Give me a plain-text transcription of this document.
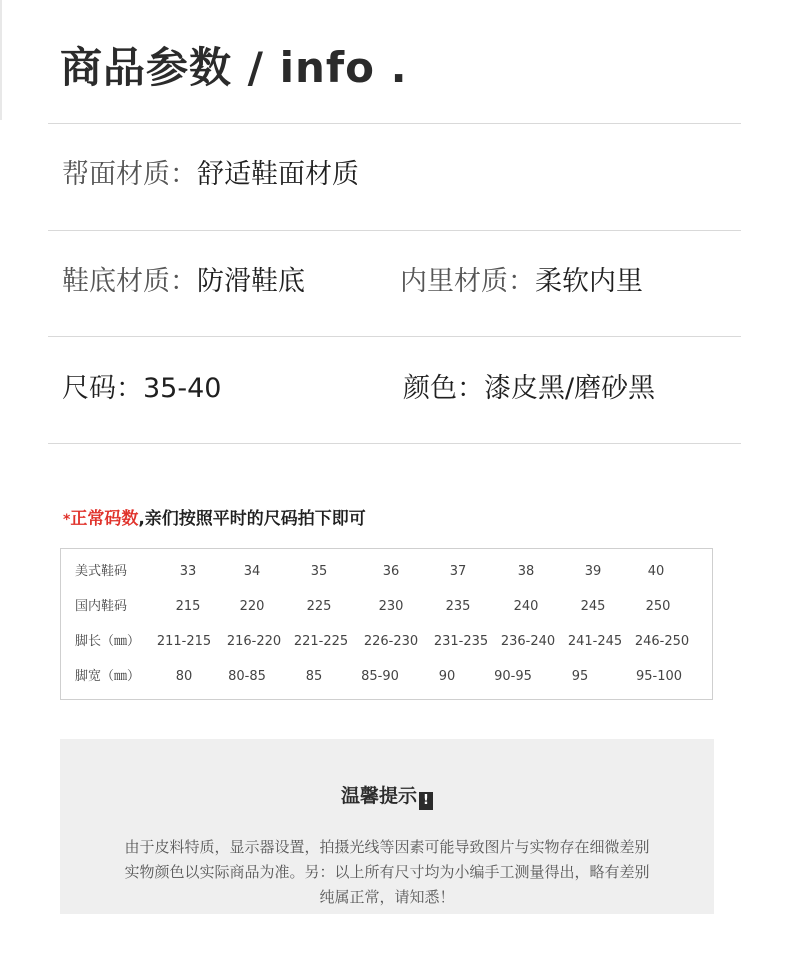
商品参数 / info .
帮面材质：舒适鞋面材质
鞋底材质：防滑鞋底	内里材质：柔软内里
尺码：35-40	颜色：漆皮黑/磨砂黑
*正常码数,亲们按照平时的尺码拍下即可
美式鞋码	33	34	35	36	37	38	39	40
国内鞋码	215	220	225	230	235	240	245	250
脚长（㎜） 211-215 216-220 221-225 226-230 231-235 236-240 241-245 246-250
脚宽（㎜）	80	80-85	85	85-90	90	90-95	95	95-100
温馨提示 !
由于皮料特质，显示器设置，拍摄光线等因素可能导致图片与实物存在细微差别
实物颜色以实际商品为准。另：以上所有尺寸均为小编手工测量得出，略有差别
纯属正常，请知悉！
